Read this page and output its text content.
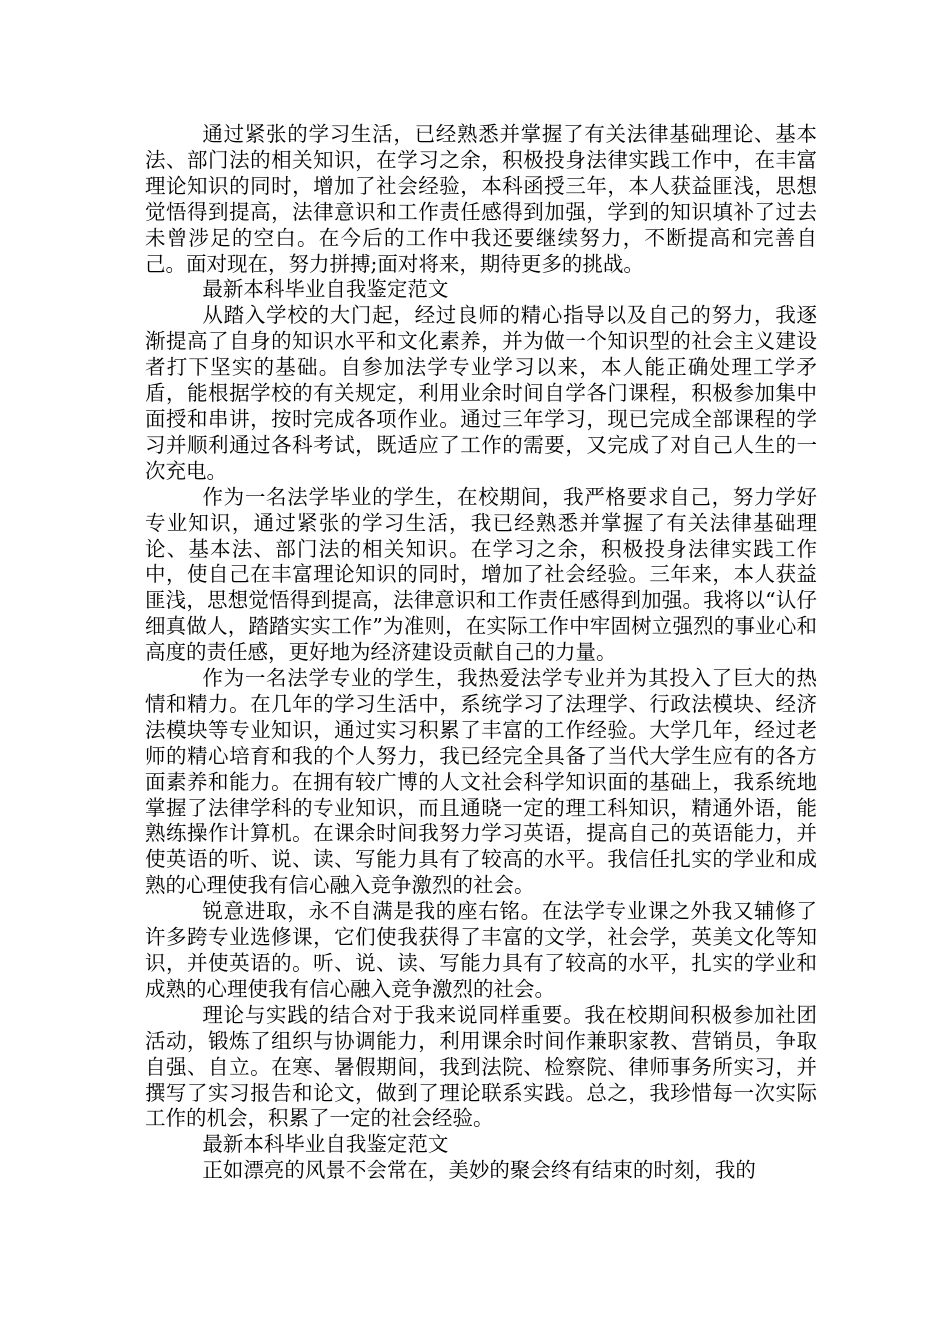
通过紧张的学习生活，已经熟悉并掌握了有关法律基础理论、基本法、部门法的相关知识，在学习之余，积极投身法律实践工作中，在丰富理论知识的同时，增加了社会经验，本科函授三年，本人获益匪浅，思想觉悟得到提高，法律意识和工作责任感得到加强，学到的知识填补了过去未曾涉足的空白。在今后的工作中我还要继续努力，不断提高和完善自己。面对现在，努力拼搏;面对将来，期待更多的挑战。

最新本科毕业自我鉴定范文

从踏入学校的大门起，经过良师的精心指导以及自己的努力，我逐渐提高了自身的知识水平和文化素养，并为做一个知识型的社会主义建设者打下坚实的基础。自参加法学专业学习以来，本人能正确处理工学矛盾，能根据学校的有关规定，利用业余时间自学各门课程，积极参加集中面授和串讲，按时完成各项作业。通过三年学习，现已完成全部课程的学习并顺利通过各科考试，既适应了工作的需要，又完成了对自己人生的一次充电。

作为一名法学毕业的学生，在校期间，我严格要求自己，努力学好专业知识，通过紧张的学习生活，我已经熟悉并掌握了有关法律基础理论、基本法、部门法的相关知识。在学习之余，积极投身法律实践工作中，使自己在丰富理论知识的同时，增加了社会经验。三年来，本人获益匪浅，思想觉悟得到提高，法律意识和工作责任感得到加强。我将以“认仔细真做人，踏踏实实工作”为准则，在实际工作中牢固树立强烈的事业心和高度的责任感，更好地为经济建设贡献自己的力量。

作为一名法学专业的学生，我热爱法学专业并为其投入了巨大的热情和精力。在几年的学习生活中，系统学习了法理学、行政法模块、经济法模块等专业知识，通过实习积累了丰富的工作经验。大学几年，经过老师的精心培育和我的个人努力，我已经完全具备了当代大学生应有的各方面素养和能力。在拥有较广博的人文社会科学知识面的基础上，我系统地掌握了法律学科的专业知识，而且通晓一定的理工科知识，精通外语，能熟练操作计算机。在课余时间我努力学习英语，提高自己的英语能力，并使英语的听、说、读、写能力具有了较高的水平。我信任扎实的学业和成熟的心理使我有信心融入竞争激烈的社会。

锐意进取，永不自满是我的座右铭。在法学专业课之外我又辅修了许多跨专业选修课，它们使我获得了丰富的文学，社会学，英美文化等知识，并使英语的。听、说、读、写能力具有了较高的水平，扎实的学业和成熟的心理使我有信心融入竞争激烈的社会。

理论与实践的结合对于我来说同样重要。我在校期间积极参加社团活动，锻炼了组织与协调能力，利用课余时间作兼职家教、营销员，争取自强、自立。在寒、暑假期间，我到法院、检察院、律师事务所实习，并撰写了实习报告和论文，做到了理论联系实践。总之，我珍惜每一次实际工作的机会，积累了一定的社会经验。

最新本科毕业自我鉴定范文

正如漂亮的风景不会常在，美妙的聚会终有结束的时刻，我的
